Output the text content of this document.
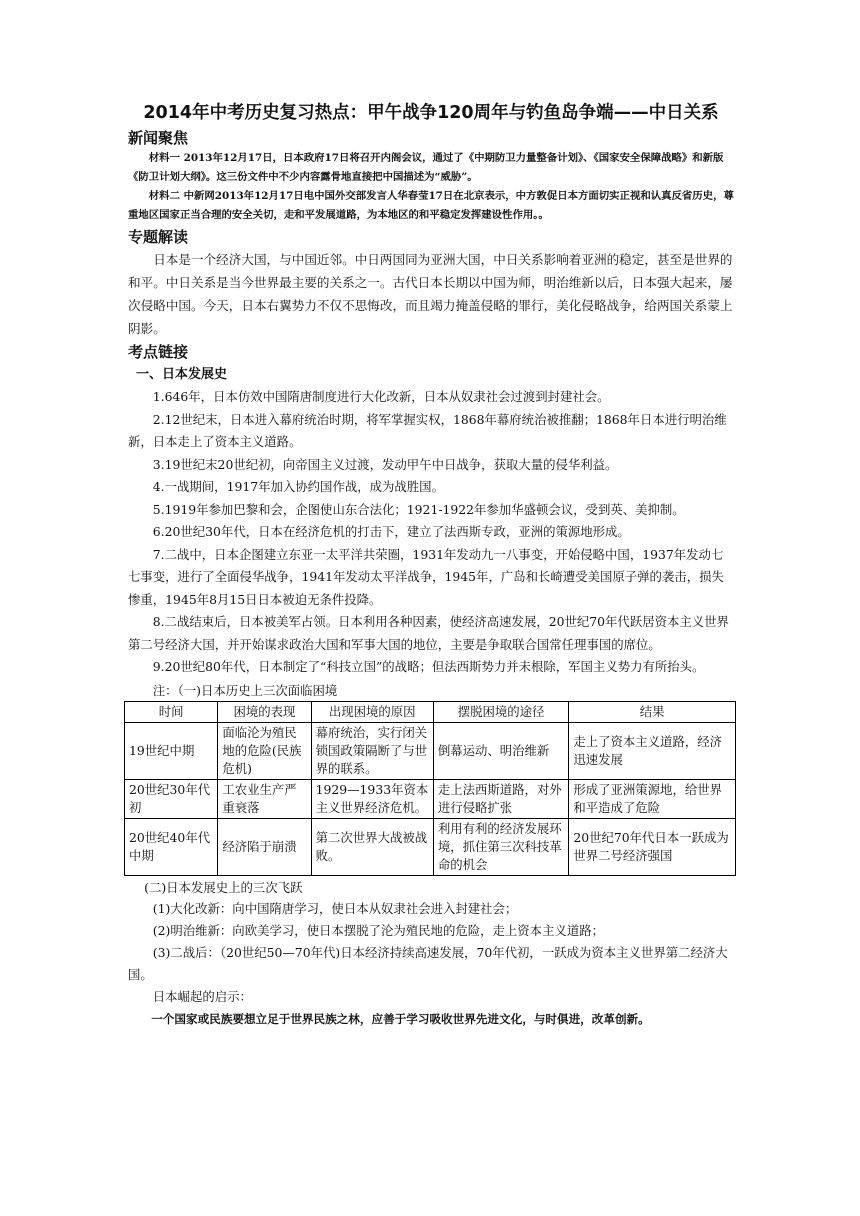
2014年中考历史复习热点：甲午战争120周年与钓鱼岛争端——中日关系
新闻聚焦

材料一 2013年12月17日，日本政府17日将召开内阁会议，通过了《中期防卫力量整备计划》、《国家安全保障战略》和新版《防卫计划大纲》。这三份文件中不少内容露骨地直接把中国描述为“威胁”。

材料二 中新网2013年12月17日电中国外交部发言人华春莹17日在北京表示，中方敦促日本方面切实正视和认真反省历史，尊重地区国家正当合理的安全关切，走和平发展道路，为本地区的和平稳定发挥建设性作用。。

专题解读

日本是一个经济大国，与中国近邻。中日两国同为亚洲大国，中日关系影响着亚洲的稳定，甚至是世界的和平。中日关系是当今世界最主要的关系之一。古代日本长期以中国为师，明治维新以后，日本强大起来，屡次侵略中国。今天，日本右翼势力不仅不思悔改，而且竭力掩盖侵略的罪行，美化侵略战争，给两国关系蒙上阴影。

考点链接
一、日本发展史

1.646年，日本仿效中国隋唐制度进行大化改新，日本从奴隶社会过渡到封建社会。

2.12世纪末，日本进入幕府统治时期，将军掌握实权，1868年幕府统治被推翻；1868年日本进行明治维新，日本走上了资本主义道路。

3.19世纪末20世纪初，向帝国主义过渡，发动甲午中日战争，获取大量的侵华利益。

4.一战期间，1917年加入协约国作战，成为战胜国。

5.1919年参加巴黎和会，企图使山东合法化；1921-1922年参加华盛顿会议，受到英、美抑制。

6.20世纪30年代，日本在经济危机的打击下，建立了法西斯专政，亚洲的策源地形成。

7.二战中，日本企图建立东亚一太平洋共荣圈，1931年发动九一八事变，开始侵略中国，1937年发动七七事变，进行了全面侵华战争，1941年发动太平洋战争，1945年，广岛和长崎遭受美国原子弹的袭击，损失惨重，1945年8月15日日本被迫无条件投降。

8.二战结束后，日本被美军占领。日本利用各种因素，使经济高速发展，20世纪70年代跃居资本主义世界第二号经济大国，并开始谋求政治大国和军事大国的地位，主要是争取联合国常任理事国的席位。

9.20世纪80年代，日本制定了“科技立国”的战略；但法西斯势力并未根除，军国主义势力有所抬头。

注：（一)日本历史上三次面临困境

时间	困境的表现	出现困境的原因	摆脱困境的途径	结果
19世纪中期	面临沦为殖民地的危险(民族危机)	幕府统治，实行闭关锁国政策隔断了与世界的联系。	倒幕运动、明治维新	走上了资本主义道路，经济迅速发展
20世纪30年代初	工农业生产严重衰落	1929—1933年资本主义世界经济危机。	走上法西斯道路，对外进行侵略扩张	形成了亚洲策源地，给世界和平造成了危险
20世纪40年代中期	经济陷于崩溃	第二次世界大战被战败。	利用有利的经济发展环境，抓住第三次科技革命的机会	20世纪70年代日本一跃成为世界二号经济强国

(二)日本发展史上的三次飞跃

(1)大化改新：向中国隋唐学习，使日本从奴隶社会进入封建社会；

(2)明治维新：向欧美学习，使日本摆脱了沦为殖民地的危险，走上资本主义道路；

(3)二战后：（20世纪50—70年代)日本经济持续高速发展，70年代初，一跃成为资本主义世界第二经济大国。

日本崛起的启示：

一个国家或民族要想立足于世界民族之林，应善于学习吸收世界先进文化，与时俱进，改革创新。
